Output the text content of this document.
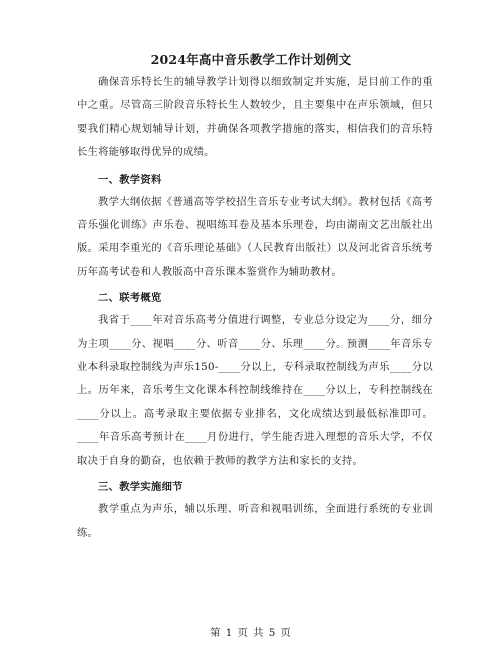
2024年高中音乐教学工作计划例文

确保音乐特长生的辅导教学计划得以细致制定并实施，是目前工作的重中之重。尽管高三阶段音乐特长生人数较少，且主要集中在声乐领域，但只要我们精心规划辅导计划，并确保各项教学措施的落实，相信我们的音乐特长生将能够取得优异的成绩。

一、教学资料

教学大纲依据《普通高等学校招生音乐专业考试大纲》。教材包括《高考音乐强化训练》声乐卷、视唱练耳卷及基本乐理卷，均由湖南文艺出版社出版。采用李重光的《音乐理论基础》（人民教育出版社）以及河北省音乐统考历年高考试卷和人教版高中音乐课本鉴赏作为辅助教材。

二、联考概览

我省于____年对音乐高考分值进行调整，专业总分设定为____分，细分为主项____分、视唱____分、听音____分、乐理____分。预测____年音乐专业本科录取控制线为声乐150-____分以上，专科录取控制线为声乐____分以上。历年来，音乐考生文化课本科控制线维持在____分以上，专科控制线在____分以上。高考录取主要依据专业排名，文化成绩达到最低标准即可。____年音乐高考预计在____月份进行，学生能否进入理想的音乐大学，不仅取决于自身的勤奋，也依赖于教师的教学方法和家长的支持。

三、教学实施细节

教学重点为声乐，辅以乐理、听音和视唱训练，全面进行系统的专业训练。

第 1 页 共 5 页
